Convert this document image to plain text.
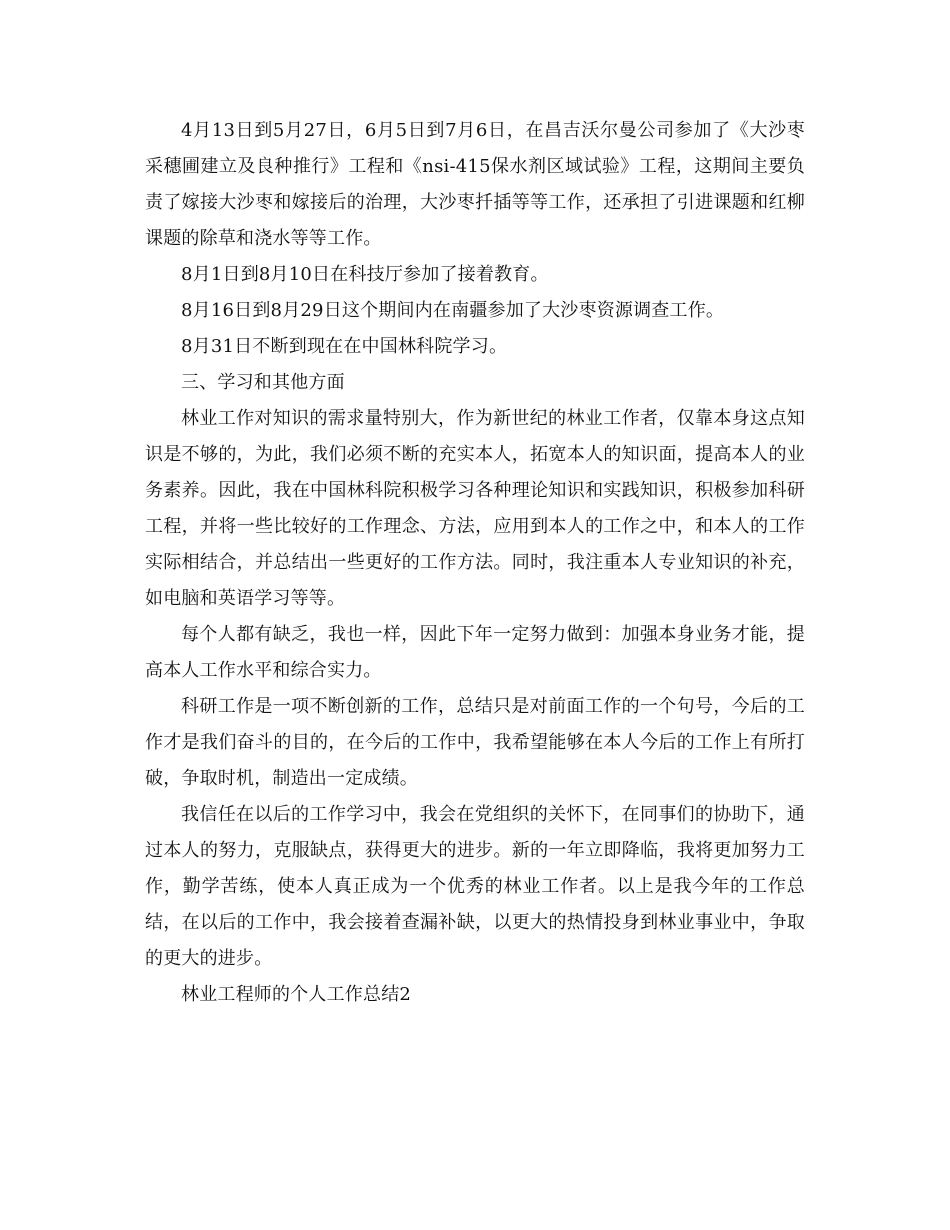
4月13日到5月27日，6月5日到7月6日，在昌吉沃尔曼公司参加了《大沙枣采穗圃建立及良种推行》工程和《nsi-415保水剂区域试验》工程，这期间主要负责了嫁接大沙枣和嫁接后的治理，大沙枣扦插等等工作，还承担了引进课题和红柳课题的除草和浇水等等工作。

8月1日到8月10日在科技厅参加了接着教育。

8月16日到8月29日这个期间内在南疆参加了大沙枣资源调查工作。

8月31日不断到现在在中国林科院学习。

三、学习和其他方面

林业工作对知识的需求量特别大，作为新世纪的林业工作者，仅靠本身这点知识是不够的，为此，我们必须不断的充实本人，拓宽本人的知识面，提高本人的业务素养。因此，我在中国林科院积极学习各种理论知识和实践知识，积极参加科研工程，并将一些比较好的工作理念、方法，应用到本人的工作之中，和本人的工作实际相结合，并总结出一些更好的工作方法。同时，我注重本人专业知识的补充，如电脑和英语学习等等。

每个人都有缺乏，我也一样，因此下年一定努力做到：加强本身业务才能，提高本人工作水平和综合实力。

科研工作是一项不断创新的工作，总结只是对前面工作的一个句号，今后的工作才是我们奋斗的目的，在今后的工作中，我希望能够在本人今后的工作上有所打破，争取时机，制造出一定成绩。

我信任在以后的工作学习中，我会在党组织的关怀下，在同事们的协助下，通过本人的努力，克服缺点，获得更大的进步。新的一年立即降临，我将更加努力工作，勤学苦练，使本人真正成为一个优秀的林业工作者。以上是我今年的工作总结，在以后的工作中，我会接着查漏补缺，以更大的热情投身到林业事业中，争取的更大的进步。

林业工程师的个人工作总结2
